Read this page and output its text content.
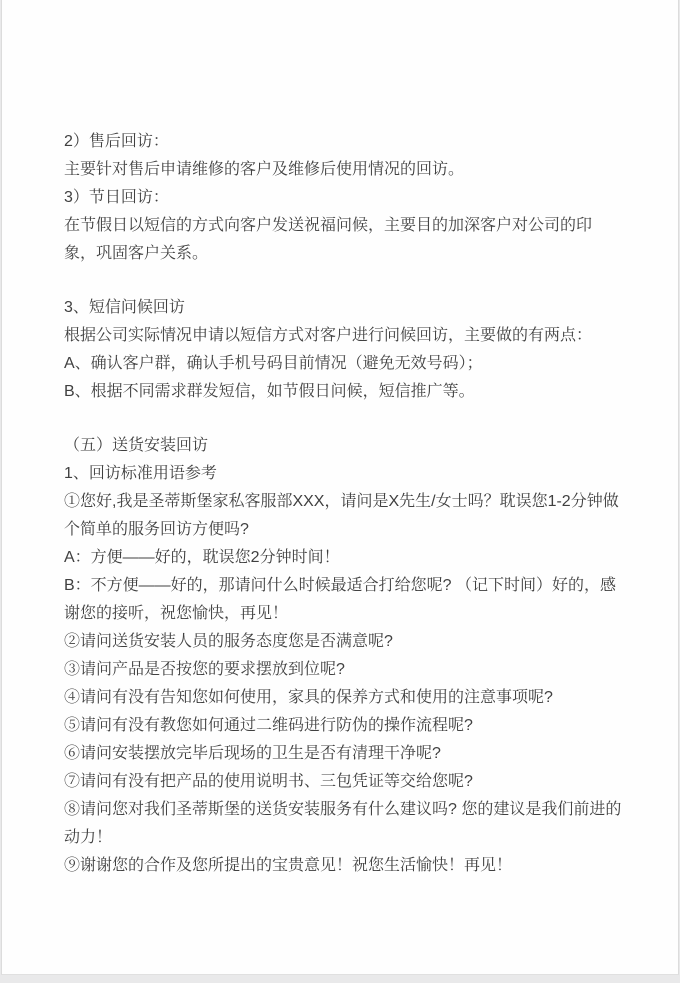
2）售后回访：

主要针对售后申请维修的客户及维修后使用情况的回访。

3）节日回访：

在节假日以短信的方式向客户发送祝福问候，主要目的加深客户对公司的印象，巩固客户关系。

3、短信问候回访

根据公司实际情况申请以短信方式对客户进行问候回访，主要做的有两点：

A、确认客户群，确认手机号码目前情况（避免无效号码）；

B、根据不同需求群发短信，如节假日问候，短信推广等。

（五）送货安装回访

1、回访标准用语参考

①您好,我是圣蒂斯堡家私客服部XXX，请问是X先生/女士吗？耽误您1-2分钟做个简单的服务回访方便吗?

A：方便——好的，耽误您2分钟时间！

B：不方便——好的，那请问什么时候最适合打给您呢? （记下时间）好的，感谢您的接听，祝您愉快，再见！

②请问送货安装人员的服务态度您是否满意呢?

③请问产品是否按您的要求摆放到位呢?

④请问有没有告知您如何使用，家具的保养方式和使用的注意事项呢?

⑤请问有没有教您如何通过二维码进行防伪的操作流程呢?

⑥请问安装摆放完毕后现场的卫生是否有清理干净呢?

⑦请问有没有把产品的使用说明书、三包凭证等交给您呢?

⑧请问您对我们圣蒂斯堡的送货安装服务有什么建议吗? 您的建议是我们前进的动力！

⑨谢谢您的合作及您所提出的宝贵意见！祝您生活愉快！再见！
